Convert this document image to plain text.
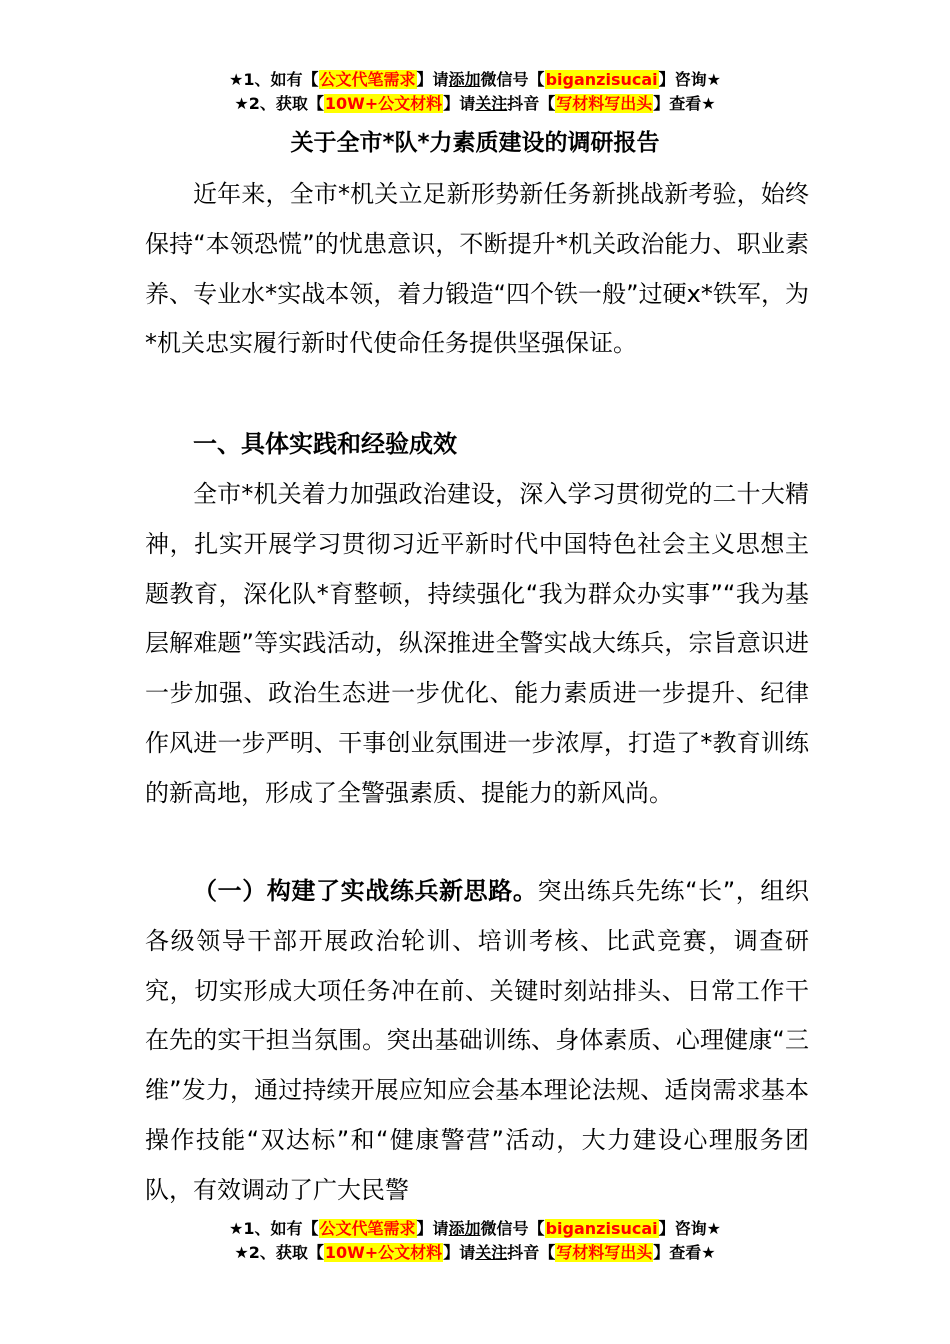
★1、如有【公文代笔需求】请添加微信号【biganzisucai】咨询★
★2、获取【10W+公文材料】请关注抖音【写材料写出头】查看★
关于全市*队*力素质建设的调研报告

近年来，全市*机关立足新形势新任务新挑战新考验，始终保持“本领恐慌”的忧患意识，不断提升*机关政治能力、职业素养、专业水*实战本领，着力锻造“四个铁一般”过硬x*铁军，为*机关忠实履行新时代使命任务提供坚强保证。

一、具体实践和经验成效

全市*机关着力加强政治建设，深入学习贯彻党的二十大精神，扎实开展学习贯彻习近平新时代中国特色社会主义思想主题教育，深化队*育整顿，持续强化“我为群众办实事”“我为基层解难题”等实践活动，纵深推进全警实战大练兵，宗旨意识进一步加强、政治生态进一步优化、能力素质进一步提升、纪律作风进一步严明、干事创业氛围进一步浓厚，打造了*教育训练的新高地，形成了全警强素质、提能力的新风尚。

（一）构建了实战练兵新思路。突出练兵先练“长”，组织各级领导干部开展政治轮训、培训考核、比武竞赛，调查研究，切实形成大项任务冲在前、关键时刻站排头、日常工作干在先的实干担当氛围。突出基础训练、身体素质、心理健康“三维”发力，通过持续开展应知应会基本理论法规、适岗需求基本操作技能“双达标”和“健康警营”活动，大力建设心理服务团队，有效调动了广大民警

★1、如有【公文代笔需求】请添加微信号【biganzisucai】咨询★
★2、获取【10W+公文材料】请关注抖音【写材料写出头】查看★
